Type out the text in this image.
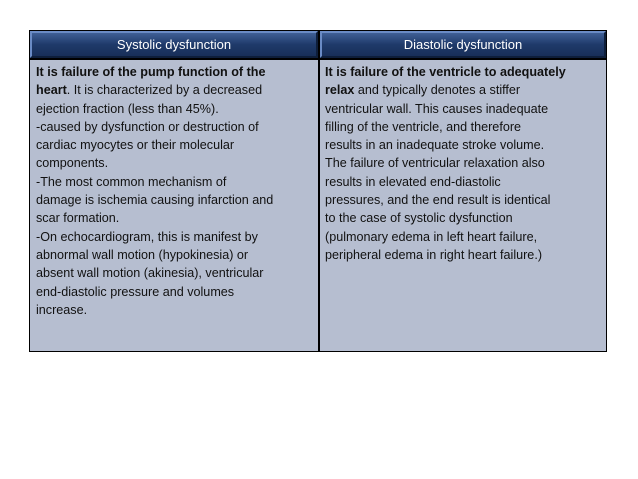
Systolic dysfunction	Diastolic dysfunction
It is failure of the pump function of the
heart. It is characterized by a decreased
ejection fraction (less than 45%).
-caused by dysfunction or destruction of
cardiac myocytes or their molecular
components.
-The most common mechanism of
damage is ischemia causing infarction and
scar formation.
-On echocardiogram, this is manifest by
abnormal wall motion (hypokinesia) or
absent wall motion (akinesia), ventricular
end-diastolic pressure and volumes
increase.
It is failure of the ventricle to adequately
relax and typically denotes a stiffer
ventricular wall. This causes inadequate
filling of the ventricle, and therefore
results in an inadequate stroke volume.
The failure of ventricular relaxation also
results in elevated end-diastolic
pressures, and the end result is identical
to the case of systolic dysfunction
(pulmonary edema in left heart failure,
peripheral edema in right heart failure.)
